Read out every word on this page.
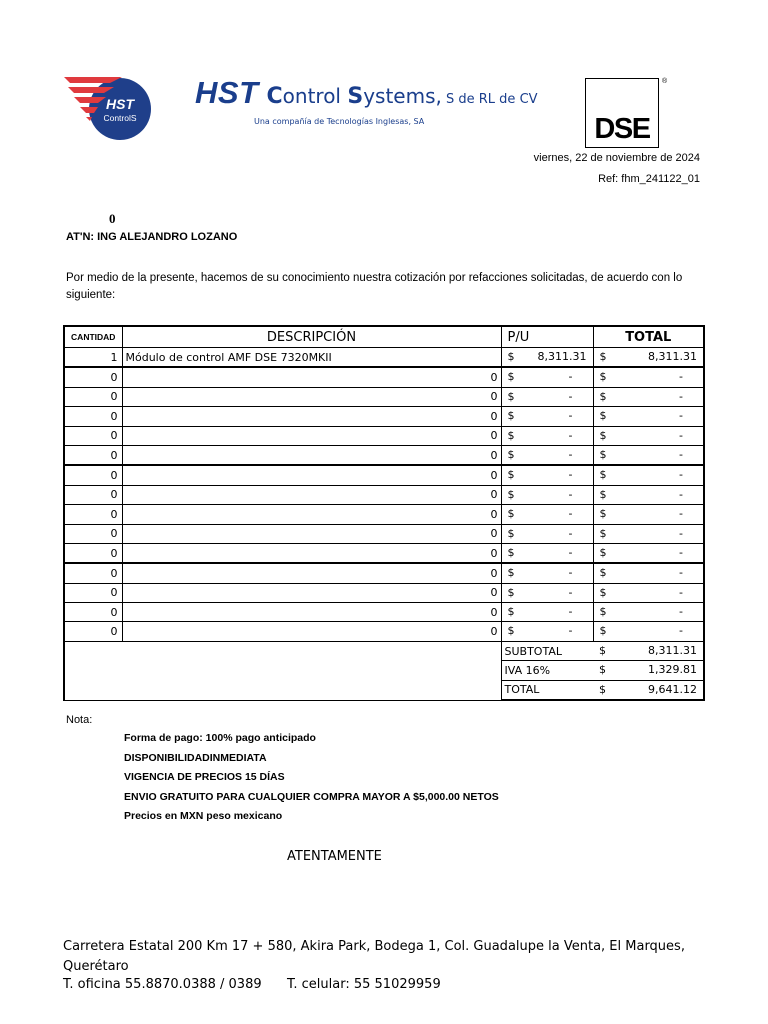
HST
ControlS
HST Control Systems, S de RL de CV
Una compañía de Tecnologías Inglesas, SA	DSE
®
viernes, 22 de noviembre de 2024
Ref: fhm_241122_01
0
AT'N: ING ALEJANDRO LOZANO
Por medio de la presente, hacemos de su conocimiento nuestra cotización por refacciones solicitadas, de acuerdo con lo siguiente:
CANTIDAD	DESCRIPCIÓN	P/U	TOTAL
1	Módulo de control AMF DSE 7320MKII	$ 8,311.31	$ 8,311.31

0	0	$ -	$ -

0	0	$ -	$ -

0	0	$ -	$ -

0	0	$ -	$ -

0	0	$ -	$ -

0	0	$ -	$ -

0	0	$ -	$ -

0	0	$ -	$ -

0	0	$ -	$ -

0	0	$ -	$ -

0	0	$ -	$ -

0	0	$ -	$ -

0	0	$ -	$ -

0	0	$ -	$ -

		SUBTOTAL	$ 8,311.31

		IVA 16%	$ 1,329.81

		TOTAL	$ 9,641.12
Nota:
Forma de pago: 100% pago anticipado
DISPONIBILIDADINMEDIATA
VIGENCIA DE PRECIOS 15 DÍAS
ENVIO GRATUITO PARA CUALQUIER COMPRA MAYOR A $5,000.00 NETOS
Precios en MXN peso mexicano
ATENTAMENTE
Carretera Estatal 200 Km 17 + 580, Akira Park, Bodega 1, Col. Guadalupe la Venta, El Marques,
Querétaro
T. oficina 55.8870.0388 / 0389 T. celular: 55 51029959
